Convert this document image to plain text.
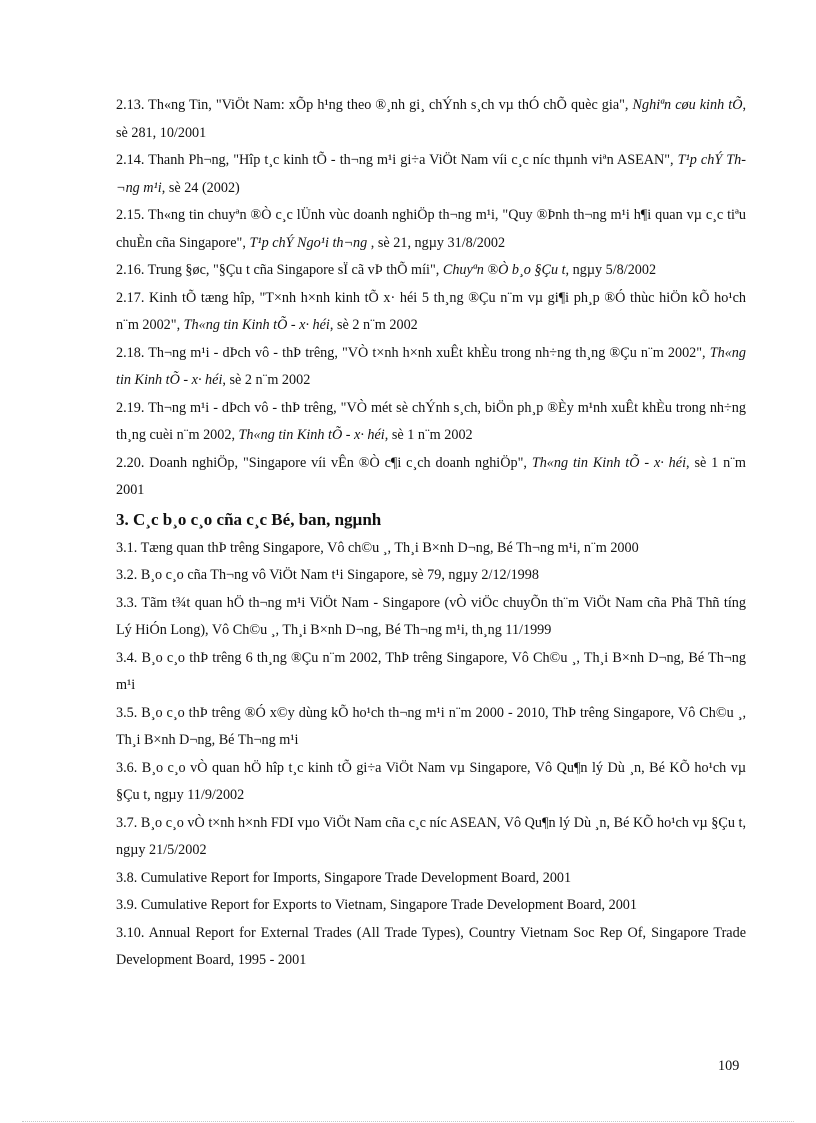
2.13. Th«ng Tin, "ViÖt Nam: xÕp h¹ng theo ®¸nh gi¸ chÝnh s¸ch vµ thÓ chÕ quèc gia", Nghiªn cøu kinh tÕ, sè 281, 10/2001

2.14. Thanh Ph¬ng, "Hîp t¸c kinh tÕ - th¬ng m¹i gi÷a ViÖt Nam víi c¸c níc thµnh viªn ASEAN", T¹p chÝ Th¬ng m¹i, sè 24 (2002)

2.15. Th«ng tin chuyªn ®Ò c¸c lÜnh vùc doanh nghiÖp th¬ng m¹i, "Quy ®Þnh th¬ng m¹i h¶i quan vµ c¸c tiªu chuÈn cña Singapore", T¹p chÝ Ngo¹i th¬ng , sè 21, ngµy 31/8/2002

2.16. Trung §øc, "§Çu t cña Singapore sÏ cã vÞ thÕ míi", Chuyªn ®Ò b¸o §Çu t, ngµy 5/8/2002

2.17. Kinh tÕ tæng hîp, "T×nh h×nh kinh tÕ x· héi 5 th¸ng ®Çu n¨m vµ gi¶i ph¸p ®Ó thùc hiÖn kÕ ho¹ch n¨m 2002", Th«ng tin Kinh tÕ - x· héi, sè 2 n¨m 2002

2.18. Th¬ng m¹i - dÞch vô - thÞ trêng, "VÒ t×nh h×nh xuÊt khÈu trong nh÷ng th¸ng ®Çu n¨m 2002", Th«ng tin Kinh tÕ - x· héi, sè 2 n¨m 2002

2.19. Th¬ng m¹i - dÞch vô - thÞ trêng, "VÒ mét sè chÝnh s¸ch, biÖn ph¸p ®Èy m¹nh xuÊt khÈu trong nh÷ng th¸ng cuèi n¨m 2002, Th«ng tin Kinh tÕ - x· héi, sè 1 n¨m 2002

2.20. Doanh nghiÖp, "Singapore víi vÊn ®Ò c¶i c¸ch doanh nghiÖp", Th«ng tin Kinh tÕ - x· héi, sè 1 n¨m 2001

3. C¸c b¸o c¸o cña c¸c Bé, ban, ngµnh

3.1. Tæng quan thÞ trêng Singapore, Vô ch©u ¸, Th¸i B×nh D¬ng, Bé Th¬ng m¹i, n¨m 2000

3.2. B¸o c¸o cña Th¬ng vô ViÖt Nam t¹i Singapore, sè 79, ngµy 2/12/1998

3.3. Tãm t¾t quan hÖ th¬ng m¹i ViÖt Nam - Singapore (vÒ viÖc chuyÕn th¨m ViÖt Nam cña Phã Thñ tíng Lý HiÓn Long), Vô Ch©u ¸, Th¸i B×nh D¬ng, Bé Th¬ng m¹i, th¸ng 11/1999

3.4. B¸o c¸o thÞ trêng 6 th¸ng ®Çu n¨m 2002, ThÞ trêng Singapore, Vô Ch©u ¸, Th¸i B×nh D¬ng, Bé Th¬ng m¹i

3.5. B¸o c¸o thÞ trêng ®Ó x©y dùng kÕ ho¹ch th¬ng m¹i n¨m 2000 - 2010, ThÞ trêng Singapore, Vô Ch©u ¸, Th¸i B×nh D¬ng, Bé Th¬ng m¹i

3.6. B¸o c¸o vÒ quan hÖ hîp t¸c kinh tÕ gi÷a ViÖt Nam vµ Singapore, Vô Qu¶n lý Dù ¸n, Bé KÕ ho¹ch vµ §Çu t, ngµy 11/9/2002

3.7. B¸o c¸o vÒ t×nh h×nh FDI vµo ViÖt Nam cña c¸c níc ASEAN, Vô Qu¶n lý Dù ¸n, Bé KÕ ho¹ch vµ §Çu t, ngµy 21/5/2002

3.8. Cumulative Report for Imports, Singapore Trade Development Board, 2001

3.9. Cumulative Report for Exports to Vietnam, Singapore Trade Development Board, 2001

3.10. Annual Report for External Trades (All Trade Types), Country Vietnam Soc Rep Of, Singapore Trade Development Board, 1995 - 2001

109
